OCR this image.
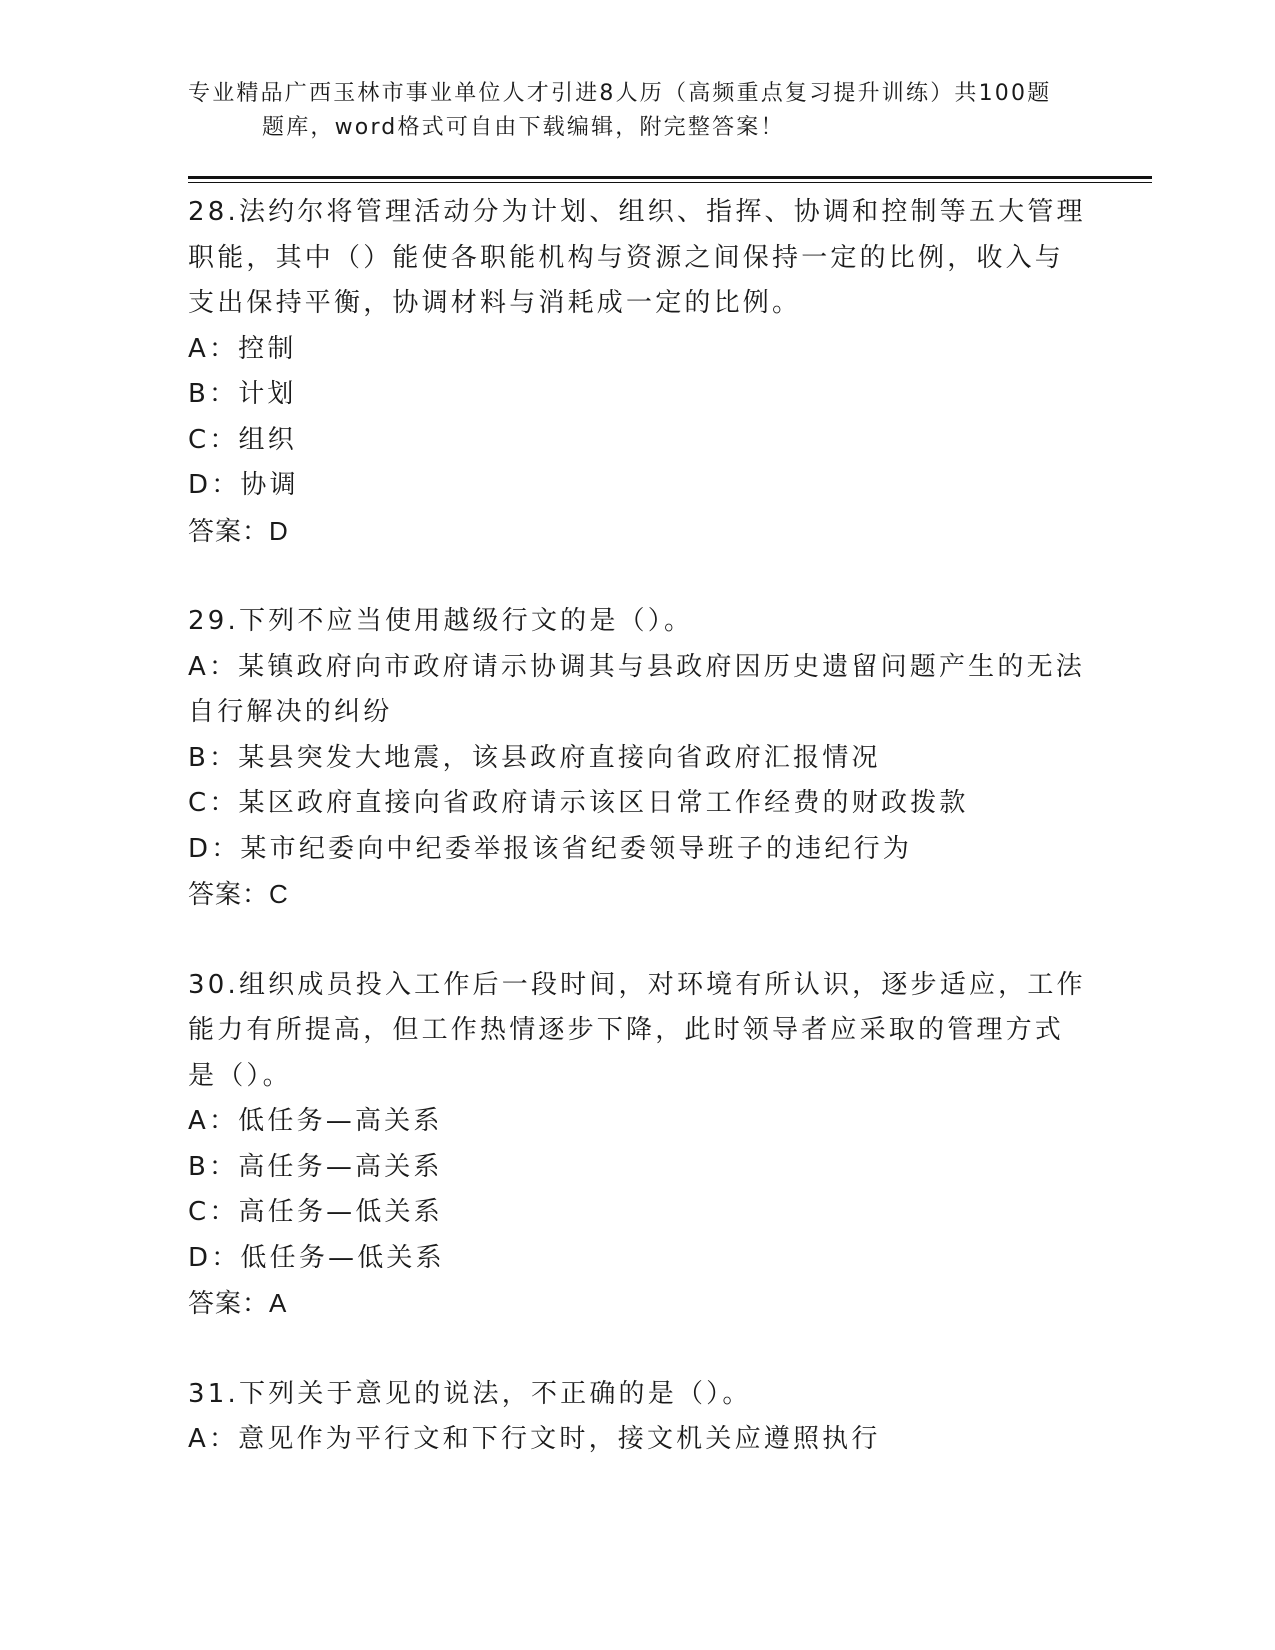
专业精品广西玉林市事业单位人才引进8人历（高频重点复习提升训练）共100题
题库，word格式可自由下载编辑，附完整答案！
28.法约尔将管理活动分为计划、组织、指挥、协调和控制等五大管理
职能，其中（）能使各职能机构与资源之间保持一定的比例，收入与
支出保持平衡，协调材料与消耗成一定的比例。
A：控制
B：计划
C：组织
D：协调
答案：D
29.下列不应当使用越级行文的是（）。
A：某镇政府向市政府请示协调其与县政府因历史遗留问题产生的无法
自行解决的纠纷
B：某县突发大地震，该县政府直接向省政府汇报情况
C：某区政府直接向省政府请示该区日常工作经费的财政拨款
D：某市纪委向中纪委举报该省纪委领导班子的违纪行为
答案：C
30.组织成员投入工作后一段时间，对环境有所认识，逐步适应，工作
能力有所提高，但工作热情逐步下降，此时领导者应采取的管理方式
是（）。
A：低任务—高关系
B：高任务—高关系
C：高任务—低关系
D：低任务—低关系
答案：A
31.下列关于意见的说法，不正确的是（）。
A：意见作为平行文和下行文时，接文机关应遵照执行
